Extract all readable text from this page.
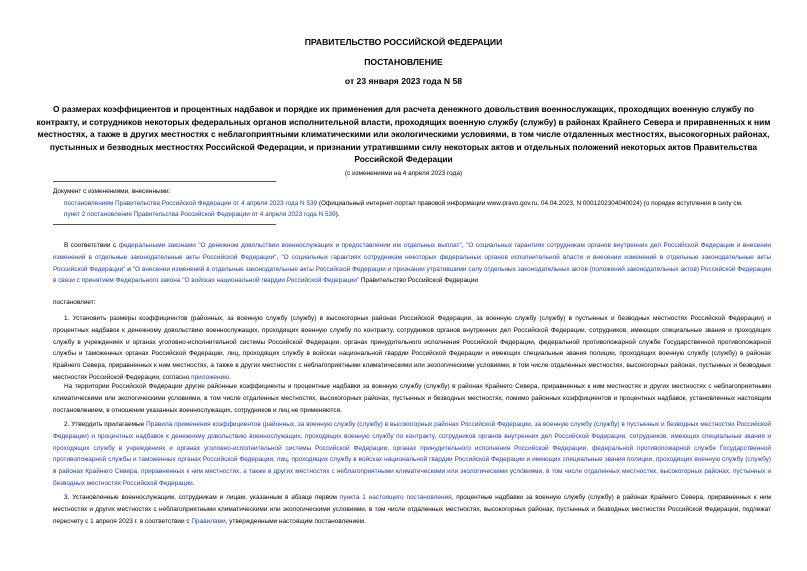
ПРАВИТЕЛЬСТВО РОССИЙСКОЙ ФЕДЕРАЦИИ
ПОСТАНОВЛЕНИЕ
от 23 января 2023 года N 58
О размерах коэффициентов и процентных надбавок и порядке их применения для расчета денежного довольствия военнослужащих, проходящих военную службу по контракту, и сотрудников некоторых федеральных органов исполнительной власти, проходящих военную службу (службу) в районах Крайнего Севера и приравненных к ним местностях, а также в других местностях с неблагоприятными климатическими или экологическими условиями, в том числе отдаленных местностях, высокогорных районах, пустынных и безводных местностях Российской Федерации, и признании утратившими силу некоторых актов и отдельных положений некоторых актов Правительства Российской Федерации
(с изменениями на 4 апреля 2023 года)
Документ с изменениями, внесенными:
постановлением Правительства Российской Федерации от 4 апреля 2023 года N 539 (Официальный интернет-портал правовой информации www.pravo.gov.ru, 04.04.2023, N 0001202304040024) (о порядке вступления в силу см. пункт 2 постановления Правительства Российской Федерации от 4 апреля 2023 года N 539).
В соответствии с федеральными законами "О денежном довольствии военнослужащих и предоставлении им отдельных выплат", "О социальных гарантиях сотрудникам органов внутренних дел Российской Федерации и внесении изменений в отдельные законодательные акты Российской Федерации", "О социальных гарантиях сотрудникам некоторых федеральных органов исполнительной власти и внесении изменений в отдельные законодательные акты Российской Федерации" и "О внесении изменений в отдельные законодательные акты Российской Федерации и признании утратившими силу отдельных законодательных актов (положений законодательных актов) Российской Федерации в связи с принятием Федерального закона "О войсках национальной гвардии Российской Федерации" Правительство Российской Федерации
постановляет:
1. Установить размеры коэффициентов (районных, за военную службу (службу) в высокогорных районах Российской Федерации, за военную службу (службу) в пустынных и безводных местностях Российской Федерации) и процентных надбавок к денежному довольствию военнослужащих, проходящих военную службу по контракту, сотрудников органов внутренних дел Российской Федерации, сотрудников, имеющих специальные звания и проходящих службу в учреждениях и органах уголовно-исполнительной системы Российской Федерации, органах принудительного исполнения Российской Федерации, федеральной противопожарной службе Государственной противопожарной службы и таможенных органах Российской Федерации, лиц, проходящих службу в войсках национальной гвардии Российской Федерации и имеющих специальные звания полиции, проходящих военную службу (службу) в районах Крайнего Севера, приравненных к ним местностях, а также в других местностях с неблагоприятными климатическими или экологическими условиями, в том числе отдаленных местностях, высокогорных районах, пустынных и безводных местностях Российской Федерации, согласно приложению.
На территории Российской Федерации другие районные коэффициенты и процентные надбавки за военную службу (службу) в районах Крайнего Севера, приравненных к ним местностях и других местностях с неблагоприятными климатическими или экологическими условиями, в том числе отдаленных местностях, высокогорных районах, пустынных и безводных местностях, помимо районных коэффициентов и процентных надбавок, установленных настоящим постановлением, в отношении указанных военнослужащих, сотрудников и лиц не применяются.
2. Утвердить прилагаемые Правила применения коэффициентов (районных, за военную службу (службу) в высокогорных районах Российской Федерации, за военную службу (службу) в пустынных и безводных местностях Российской Федерации) и процентных надбавок к денежному довольствию военнослужащих, проходящих военную службу по контракту, сотрудников органов внутренних дел Российской Федерации, сотрудников, имеющих специальные звания и проходящих службу в учреждениях и органах уголовно-исполнительной системы Российской Федерации, органах принудительного исполнения Российской Федерации, федеральной противопожарной службе Государственной противопожарной службы и таможенных органах Российской Федерации, лиц, проходящих службу в войсках национальной гвардии Российской Федерации и имеющих специальные звания полиции, проходящих военную службу (службу) в районах Крайнего Севера, приравненных к ним местностях, а также в других местностях с неблагоприятными климатическими или экологическими условиями, в том числе отдаленных местностях, высокогорных районах, пустынных и безводных местностях Российской Федерации.
3. Установленные военнослужащим, сотрудникам и лицам, указанным в абзаце первом пункта 1 настоящего постановления, процентные надбавки за военную службу (службу) в районах Крайнего Севера, приравненных к ним местностях и других местностях с неблагоприятными климатическими или экологическими условиями, в том числе отдаленных местностях, высокогорных районах, пустынных и безводных местностях Российской Федерации, подлежат пересчету с 1 апреля 2023 г. в соответствии с Правилами, утвержденными настоящим постановлением.
